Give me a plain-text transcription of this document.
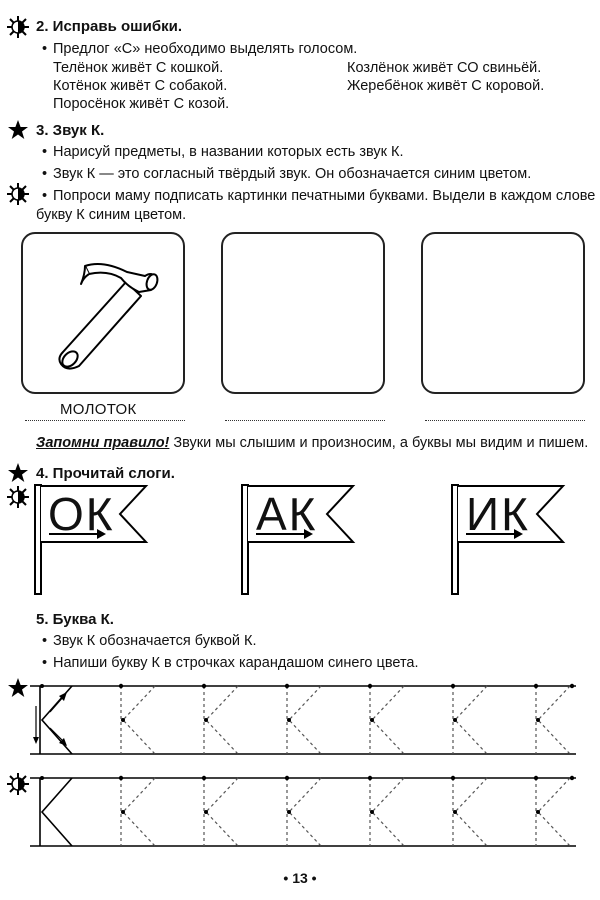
2. Исправь ошибки.
• Предлог «С» необходимо выделять голосом.
Телёнок живёт С кошкой.
Котёнок живёт С собакой.
Поросёнок живёт С козой.
Козлёнок живёт СО свиньёй.
Жеребёнок живёт С коровой.
3. Звук К.
• Нарисуй предметы, в названии которых есть звук К.
• Звук К — это согласный твёрдый звук. Он обозначается синим цветом.
• Попроси маму подписать картинки печатными буквами. Выдели в каждом слове
букву К синим цветом.
МОЛОТОК
Запомни правило! Звуки мы слышим и произносим, а буквы мы видим и пишем.
4. Прочитай слоги.
ОК	АК	ИК
5. Буква К.
• Звук К обозначается буквой К.
• Напиши букву К в строчках карандашом синего цвета.
• 13 •
